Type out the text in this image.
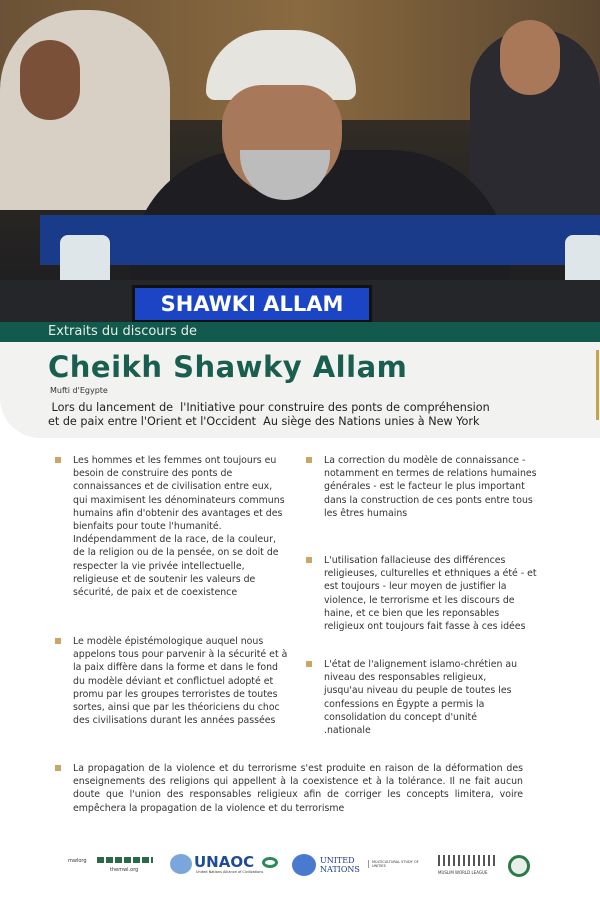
SHAWKI ALLAM
Extraits du discours de
Cheikh Shawky Allam
Mufti d'Egypte
Lors du lancement de  l'Initiative pour construire des ponts de compréhension
et de paix entre l'Orient et l'Occident  Au siège des Nations unies à New York
Les hommes et les femmes ont toujours eu besoin de construire des ponts de connaissances et de civilisation entre eux, qui maximisent les dénominateurs communs humains afin d'obtenir des avantages et des bienfaits pour toute l'humanité.
Indépendamment de la race, de la couleur, de la religion ou de la pensée, on se doit de respecter la vie privée intellectuelle, religieuse et de soutenir les valeurs de sécurité, de paix et de coexistence
Le modèle épistémologique auquel nous appelons tous pour parvenir à la sécurité et à la paix diffère dans la forme et dans le fond du modèle déviant et conflictuel adopté et promu par les groupes terroristes de toutes sortes, ainsi que par les théoriciens du choc des civilisations durant les années passées
La correction du modèle de connaissance - notamment en termes de relations humaines générales - est le facteur le plus important dans la construction de ces ponts entre tous les êtres humains
L'utilisation fallacieuse des différences religieuses, culturelles et ethniques a été - et est toujours - leur moyen de justifier la violence, le terrorisme et les discours de haine, et ce bien que les reponsables religieux ont toujours fait fasse à ces idées
L'état de l'alignement islamo-chrétien au niveau des responsables religieux, jusqu'au niveau du peuple de toutes les confessions en Égypte a permis la consolidation du concept d'unité .nationale
La propagation de la violence et du terrorisme s'est produite en raison de la déformation des enseignements des religions qui appellent à la coexistence et à la tolérance. Il ne fait aucun doute que l'union des responsables religieux afin de corriger les concepts limitera, voire empêchera la propagation de la violence et du terrorisme
mwlorg
themwl.org	UNAOC
United Nations Alliance of Civilizations
UNITED
NATIONS
MULTICULTURAL STUDY OF UNITIES
MUSLIM WORLD LEAGUE
